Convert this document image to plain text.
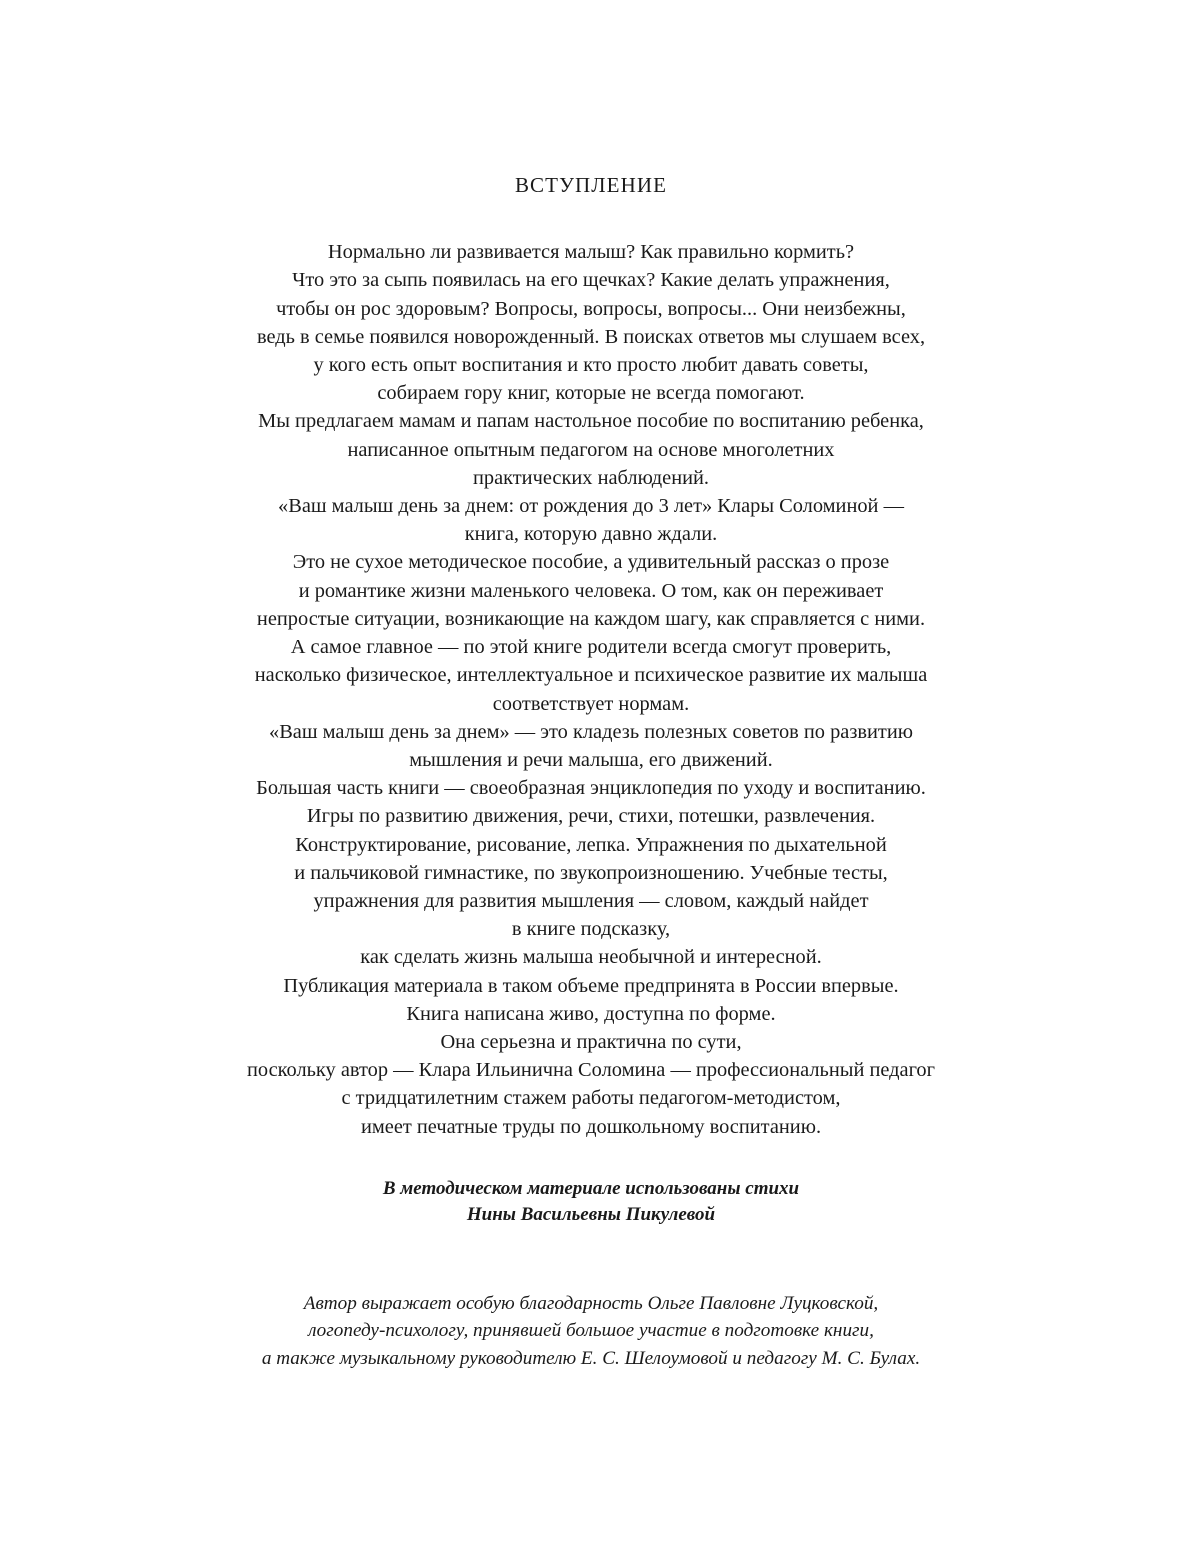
ВСТУПЛЕНИЕ
Нормально ли развивается малыш? Как правильно кормить?
Что это за сыпь появилась на его щечках? Какие делать упражнения,
чтобы он рос здоровым? Вопросы, вопросы, вопросы... Они неизбежны,
ведь в семье появился новорожденный. В поисках ответов мы слушаем всех,
у кого есть опыт воспитания и кто просто любит давать советы,
собираем гору книг, которые не всегда помогают.
Мы предлагаем мамам и папам настольное пособие по воспитанию ребенка,
написанное опытным педагогом на основе многолетних
практических наблюдений.
«Ваш малыш день за днем: от рождения до 3 лет» Клары Соломиной —
книга, которую давно ждали.
Это не сухое методическое пособие, а удивительный рассказ о прозе
и романтике жизни маленького человека. О том, как он переживает
непростые ситуации, возникающие на каждом шагу, как справляется с ними.
А самое главное — по этой книге родители всегда смогут проверить,
насколько физическое, интеллектуальное и психическое развитие их малыша
соответствует нормам.
«Ваш малыш день за днем» — это кладезь полезных советов по развитию
мышления и речи малыша, его движений.
Большая часть книги — своеобразная энциклопедия по уходу и воспитанию.
Игры по развитию движения, речи, стихи, потешки, развлечения.
Конструктирование, рисование, лепка. Упражнения по дыхательной
и пальчиковой гимнастике, по звукопроизношению. Учебные тесты,
упражнения для развития мышления — словом, каждый найдет
в книге подсказку,
как сделать жизнь малыша необычной и интересной.
Публикация материала в таком объеме предпринята в России впервые.
Книга написана живо, доступна по форме.
Она серьезна и практична по сути,
поскольку автор — Клара Ильинична Соломина — профессиональный педагог
с тридцатилетним стажем работы педагогом-методистом,
имеет печатные труды по дошкольному воспитанию.
В методическом материале использованы стихи
Нины Васильевны Пикулевой
Автор выражает особую благодарность Ольге Павловне Луцковской,
логопеду-психологу, принявшей большое участие в подготовке книги,
а также музыкальному руководителю Е. С. Шелоумовой и педагогу М. С. Булах.
